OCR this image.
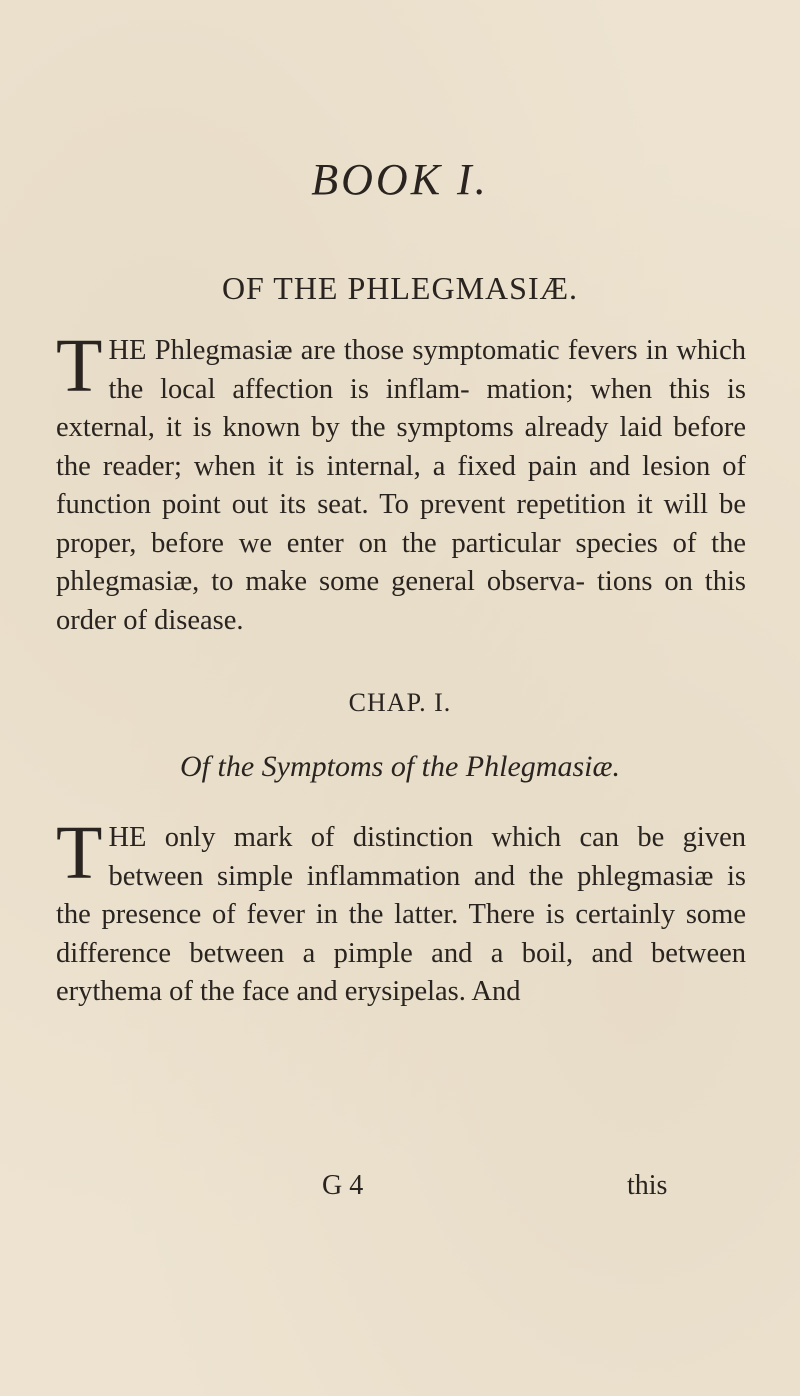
BOOK I.
OF THE PHLEGMASIÆ.
THE Phlegmasiæ are those symptomatic fevers in which the local affection is inflam- mation; when this is external, it is known by the symptoms already laid before the reader; when it is internal, a fixed pain and lesion of function point out its seat. To prevent repetition it will be proper, before we enter on the particular species of the phlegmasiæ, to make some general observa- tions on this order of disease.
CHAP. I.
Of the Symptoms of the Phlegmasiæ.
THE only mark of distinction which can be given between simple inflammation and the phlegmasiæ is the presence of fever in the latter. There is certainly some difference between a pimple and a boil, and between erythema of the face and erysipelas. And
G 4	this
